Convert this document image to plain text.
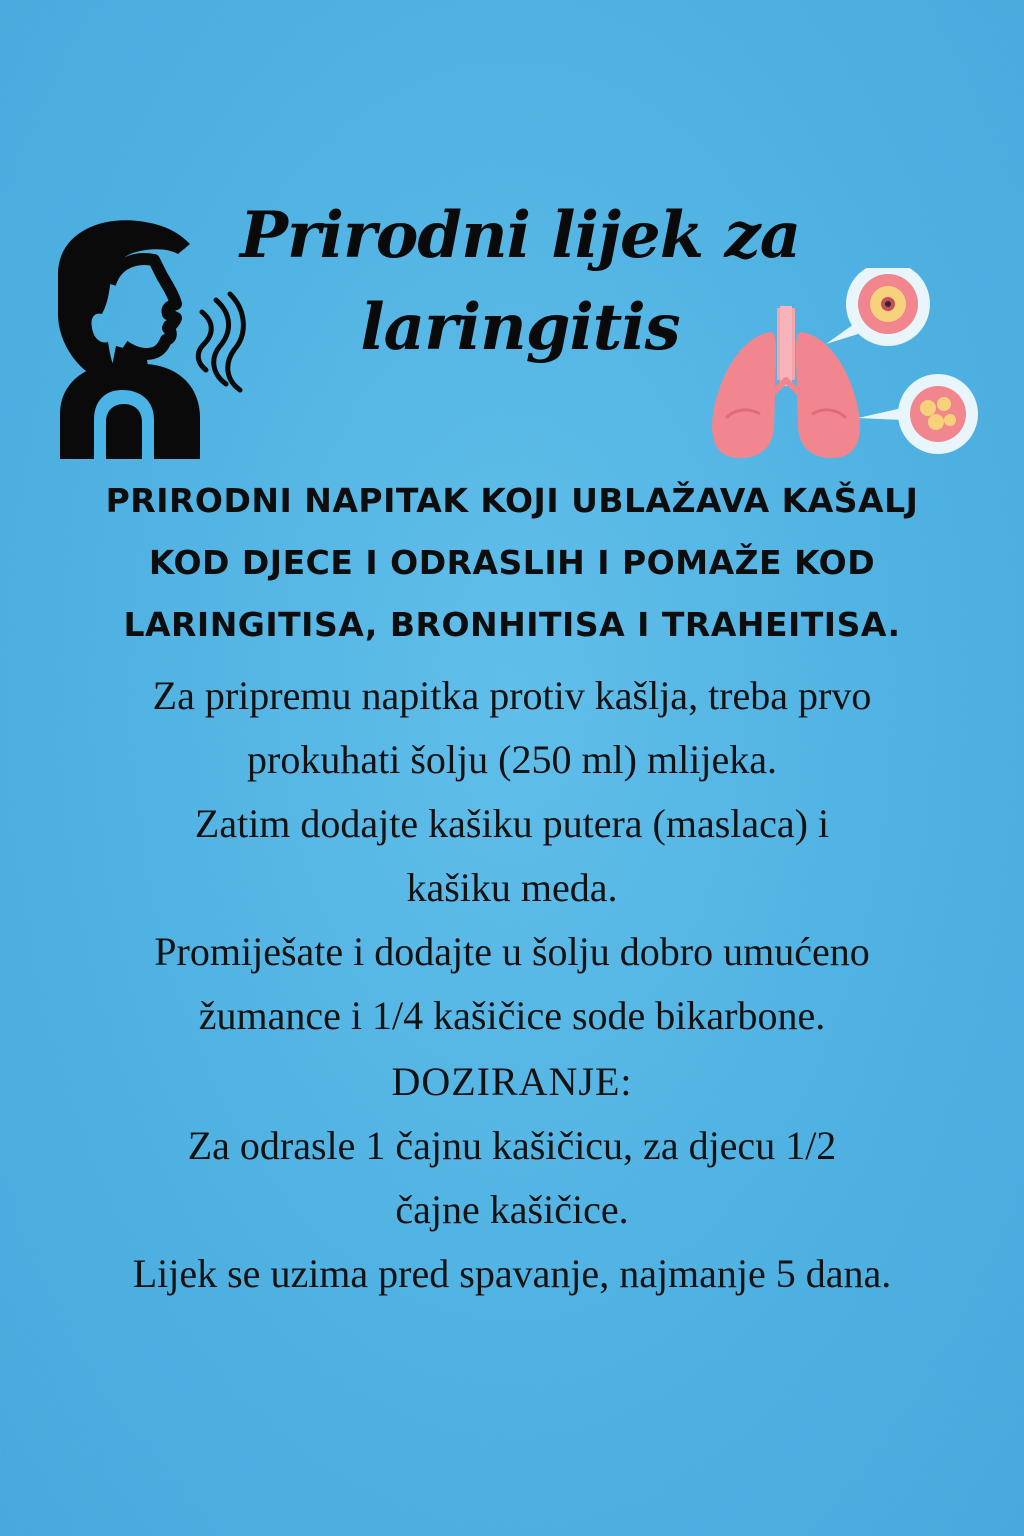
Prirodni lijek za
laringitis
PRIRODNI NAPITAK KOJI UBLAŽAVA KAŠALJ
KOD DJECE I ODRASLIH I POMAŽE KOD
LARINGITISA, BRONHITISA I TRAHEITISA.

Za pripremu napitka protiv kašlja, treba prvo

prokuhati šolju (250 ml) mlijeka.

Zatim dodajte kašiku putera (maslaca) i

kašiku meda.

Promiješate i dodajte u šolju dobro umućeno

žumance i 1/4 kašičice sode bikarbone.

DOZIRANJE:

Za odrasle 1 čajnu kašičicu, za djecu 1/2

čajne kašičice.

Lijek se uzima pred spavanje, najmanje 5 dana.
